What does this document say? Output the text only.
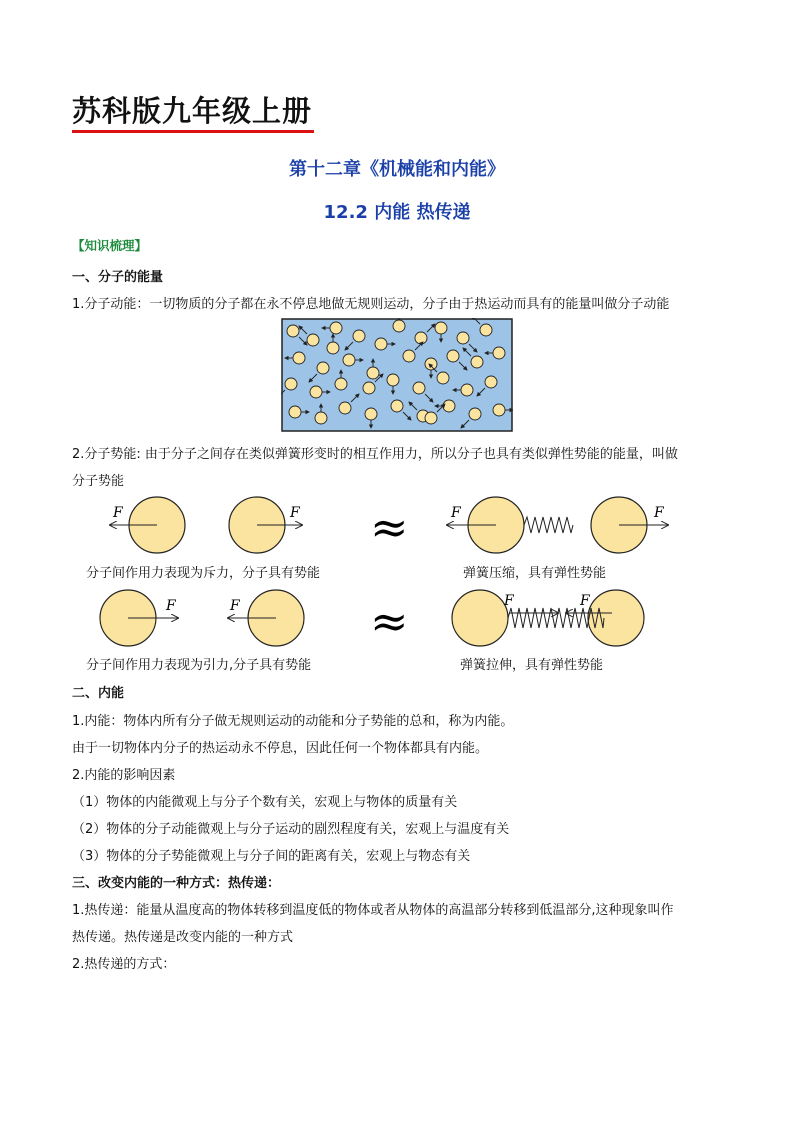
苏科版九年级上册
第十二章《机械能和内能》
12.2 内能 热传递
【知识梳理】
一、分子的能量
1.分子动能：一切物质的分子都在永不停息地做无规则运动，分子由于热运动而具有的能量叫做分子动能
2.分子势能: 由于分子之间存在类似弹簧形变时的相互作用力，所以分子也具有类似弹性势能的能量，叫做
分子势能
F	F ≈	F	F
分子间作用力表现为斥力，分子具有势能	弹簧压缩，具有弹性势能
F	F	≈	F	F
分子间作用力表现为引力,分子具有势能	弹簧拉伸，具有弹性势能
二、内能
1.内能：物体内所有分子做无规则运动的动能和分子势能的总和，称为内能。
由于一切物体内分子的热运动永不停息，因此任何一个物体都具有内能。
2.内能的影响因素
（1）物体的内能微观上与分子个数有关，宏观上与物体的质量有关
（2）物体的分子动能微观上与分子运动的剧烈程度有关，宏观上与温度有关
（3）物体的分子势能微观上与分子间的距离有关，宏观上与物态有关
三、改变内能的一种方式：热传递：
1.热传递：能量从温度高的物体转移到温度低的物体或者从物体的高温部分转移到低温部分,这种现象叫作
热传递。热传递是改变内能的一种方式
2.热传递的方式：
